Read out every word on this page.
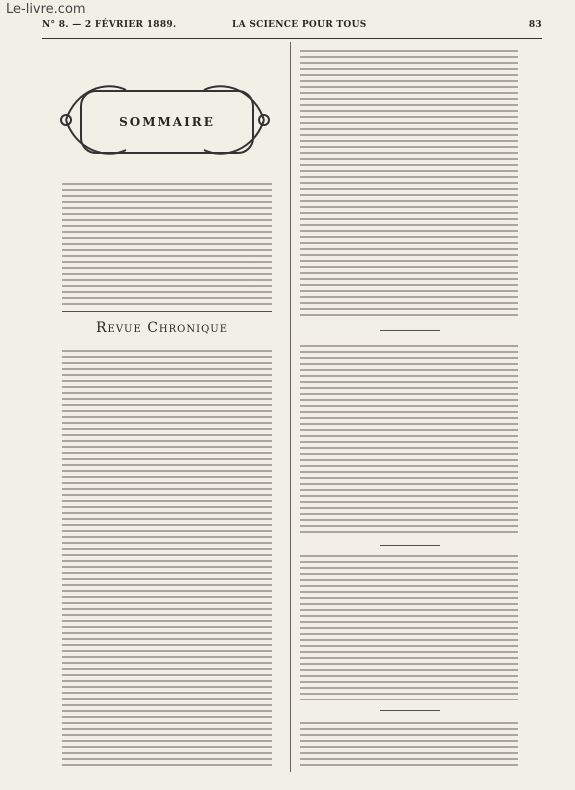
Le-livre.com
N° 8. — 2 FÉVRIER 1889.	LA SCIENCE POUR TOUS	83
SOMMAIRE
Revue Chronique
